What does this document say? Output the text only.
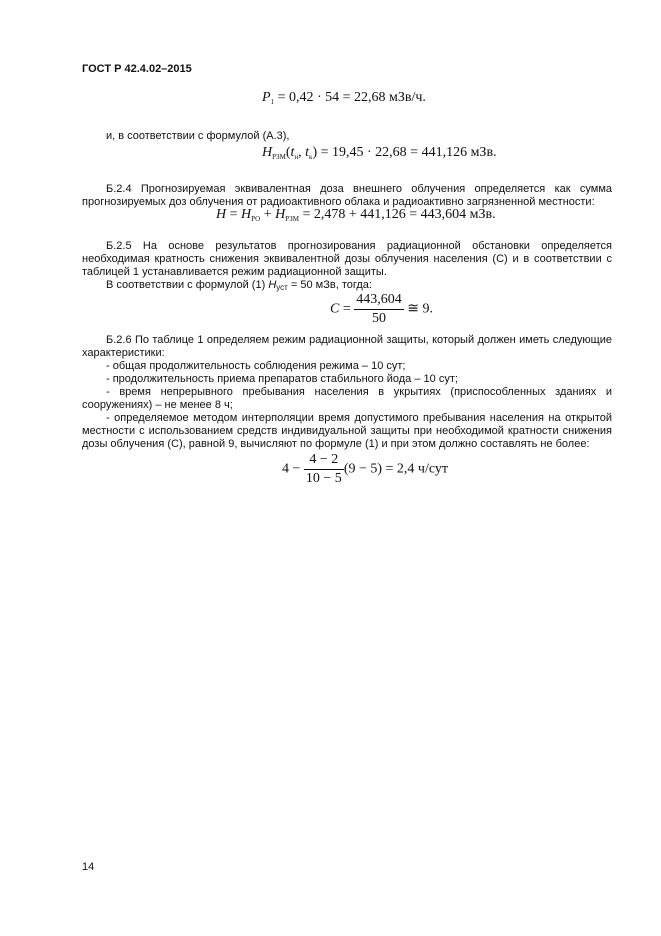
ГОСТ Р 42.4.02–2015
$P_1 = 0,42 \cdot 54 = 22,68$ мЗв/ч.
и, в соответствии с формулой (А.3),
$H_{РЗМ}(t_н$, $t_к) = 19,45 \cdot 22,68 = 441,126$ мЗв.
Б.2.4 Прогнозируемая эквивалентная доза внешнего облучения определяется как сумма прогнозируемых доз облучения от радиоактивного облака и радиоактивно загрязненной местности:
$H = H_{РО} + H_{РЗМ} = 2,478 + 441,126 = 443,604$ мЗв.
Б.2.5 На основе результатов прогнозирования радиационной обстановки определяется необходимая кратность снижения эквивалентной дозы облучения населения (С) и в соответствии с таблицей 1 устанавливается режим радиационной защиты.
В соответствии с формулой (1) Нуст = 50 мЗв, тогда:
$C = \frac{443,604}{50}$ ≅ 9.
Б.2.6 По таблице 1 определяем режим радиационной защиты, который должен иметь следующие характеристики:
- общая продолжительность соблюдения режима – 10 сут;
- продолжительность приема препаратов стабильного йода – 10 сут;
- время непрерывного пребывания населения в укрытиях (приспособленных зданиях и сооружениях) – не менее 8 ч;
- определяемое методом интерполяции время допустимого пребывания населения на открытой местности с использованием средств индивидуальной защиты при необходимой кратности снижения дозы облучения (С), равной 9, вычисляют по формуле (1) и при этом должно составлять не более:
$4 - \frac{4 - 2}{10 - 5} (9 - 5) = 2,4$ ч/сут
14
